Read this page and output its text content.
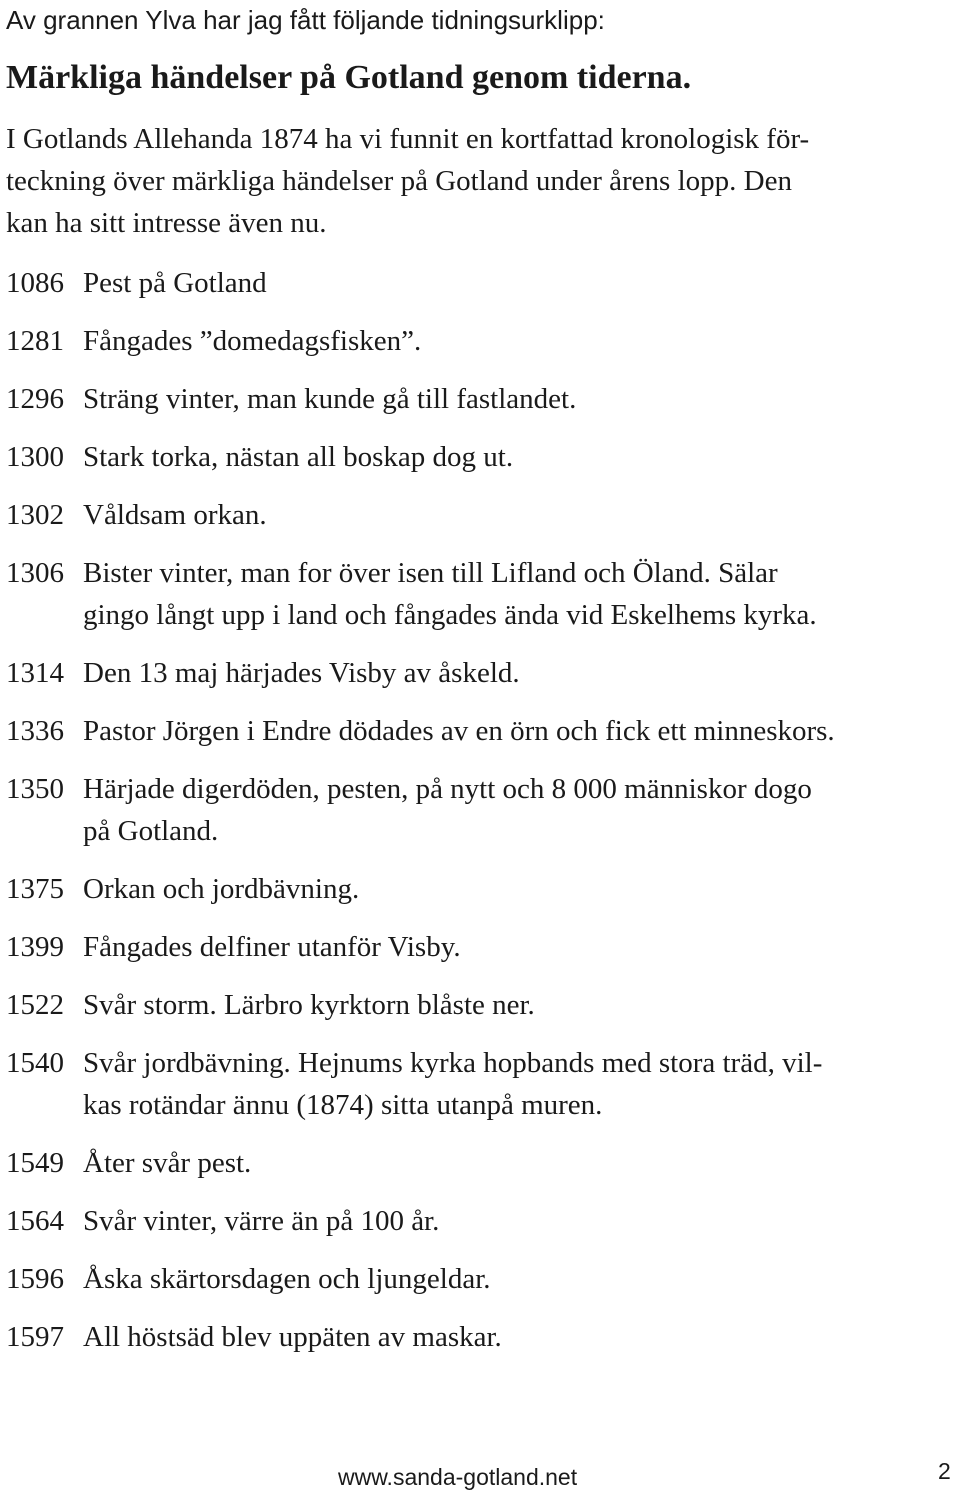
Av grannen Ylva har jag fått följande tidningsurklipp:
Märkliga händelser på Gotland genom tiderna.
I Gotlands Allehanda 1874 ha vi funnit en kortfattad kronologisk för-
teckning över märkliga händelser på Gotland under årens lopp. Den
kan ha sitt intresse även nu.
1086 Pest på Gotland
1281 Fångades ”domedagsfisken”.
1296 Sträng vinter, man kunde gå till fastlandet.
1300 Stark torka, nästan all boskap dog ut.
1302 Våldsam orkan.
1306 Bister vinter, man for över isen till Lifland och Öland. Sälar
gingo långt upp i land och fångades ända vid Eskelhems kyrka.
1314 Den 13 maj härjades Visby av åskeld.
1336 Pastor Jörgen i Endre dödades av en örn och fick ett minneskors.
1350 Härjade digerdöden, pesten, på nytt och 8 000 människor dogo
på Gotland.
1375 Orkan och jordbävning.
1399 Fångades delfiner utanför Visby.
1522 Svår storm. Lärbro kyrktorn blåste ner.
1540 Svår jordbävning. Hejnums kyrka hopbands med stora träd, vil-
kas rotändar ännu (1874) sitta utanpå muren.
1549 Åter svår pest.
1564 Svår vinter, värre än på 100 år.
1596 Åska skärtorsdagen och ljungeldar.
1597 All höstsäd blev uppäten av maskar.
www.sanda-gotland.net	2
